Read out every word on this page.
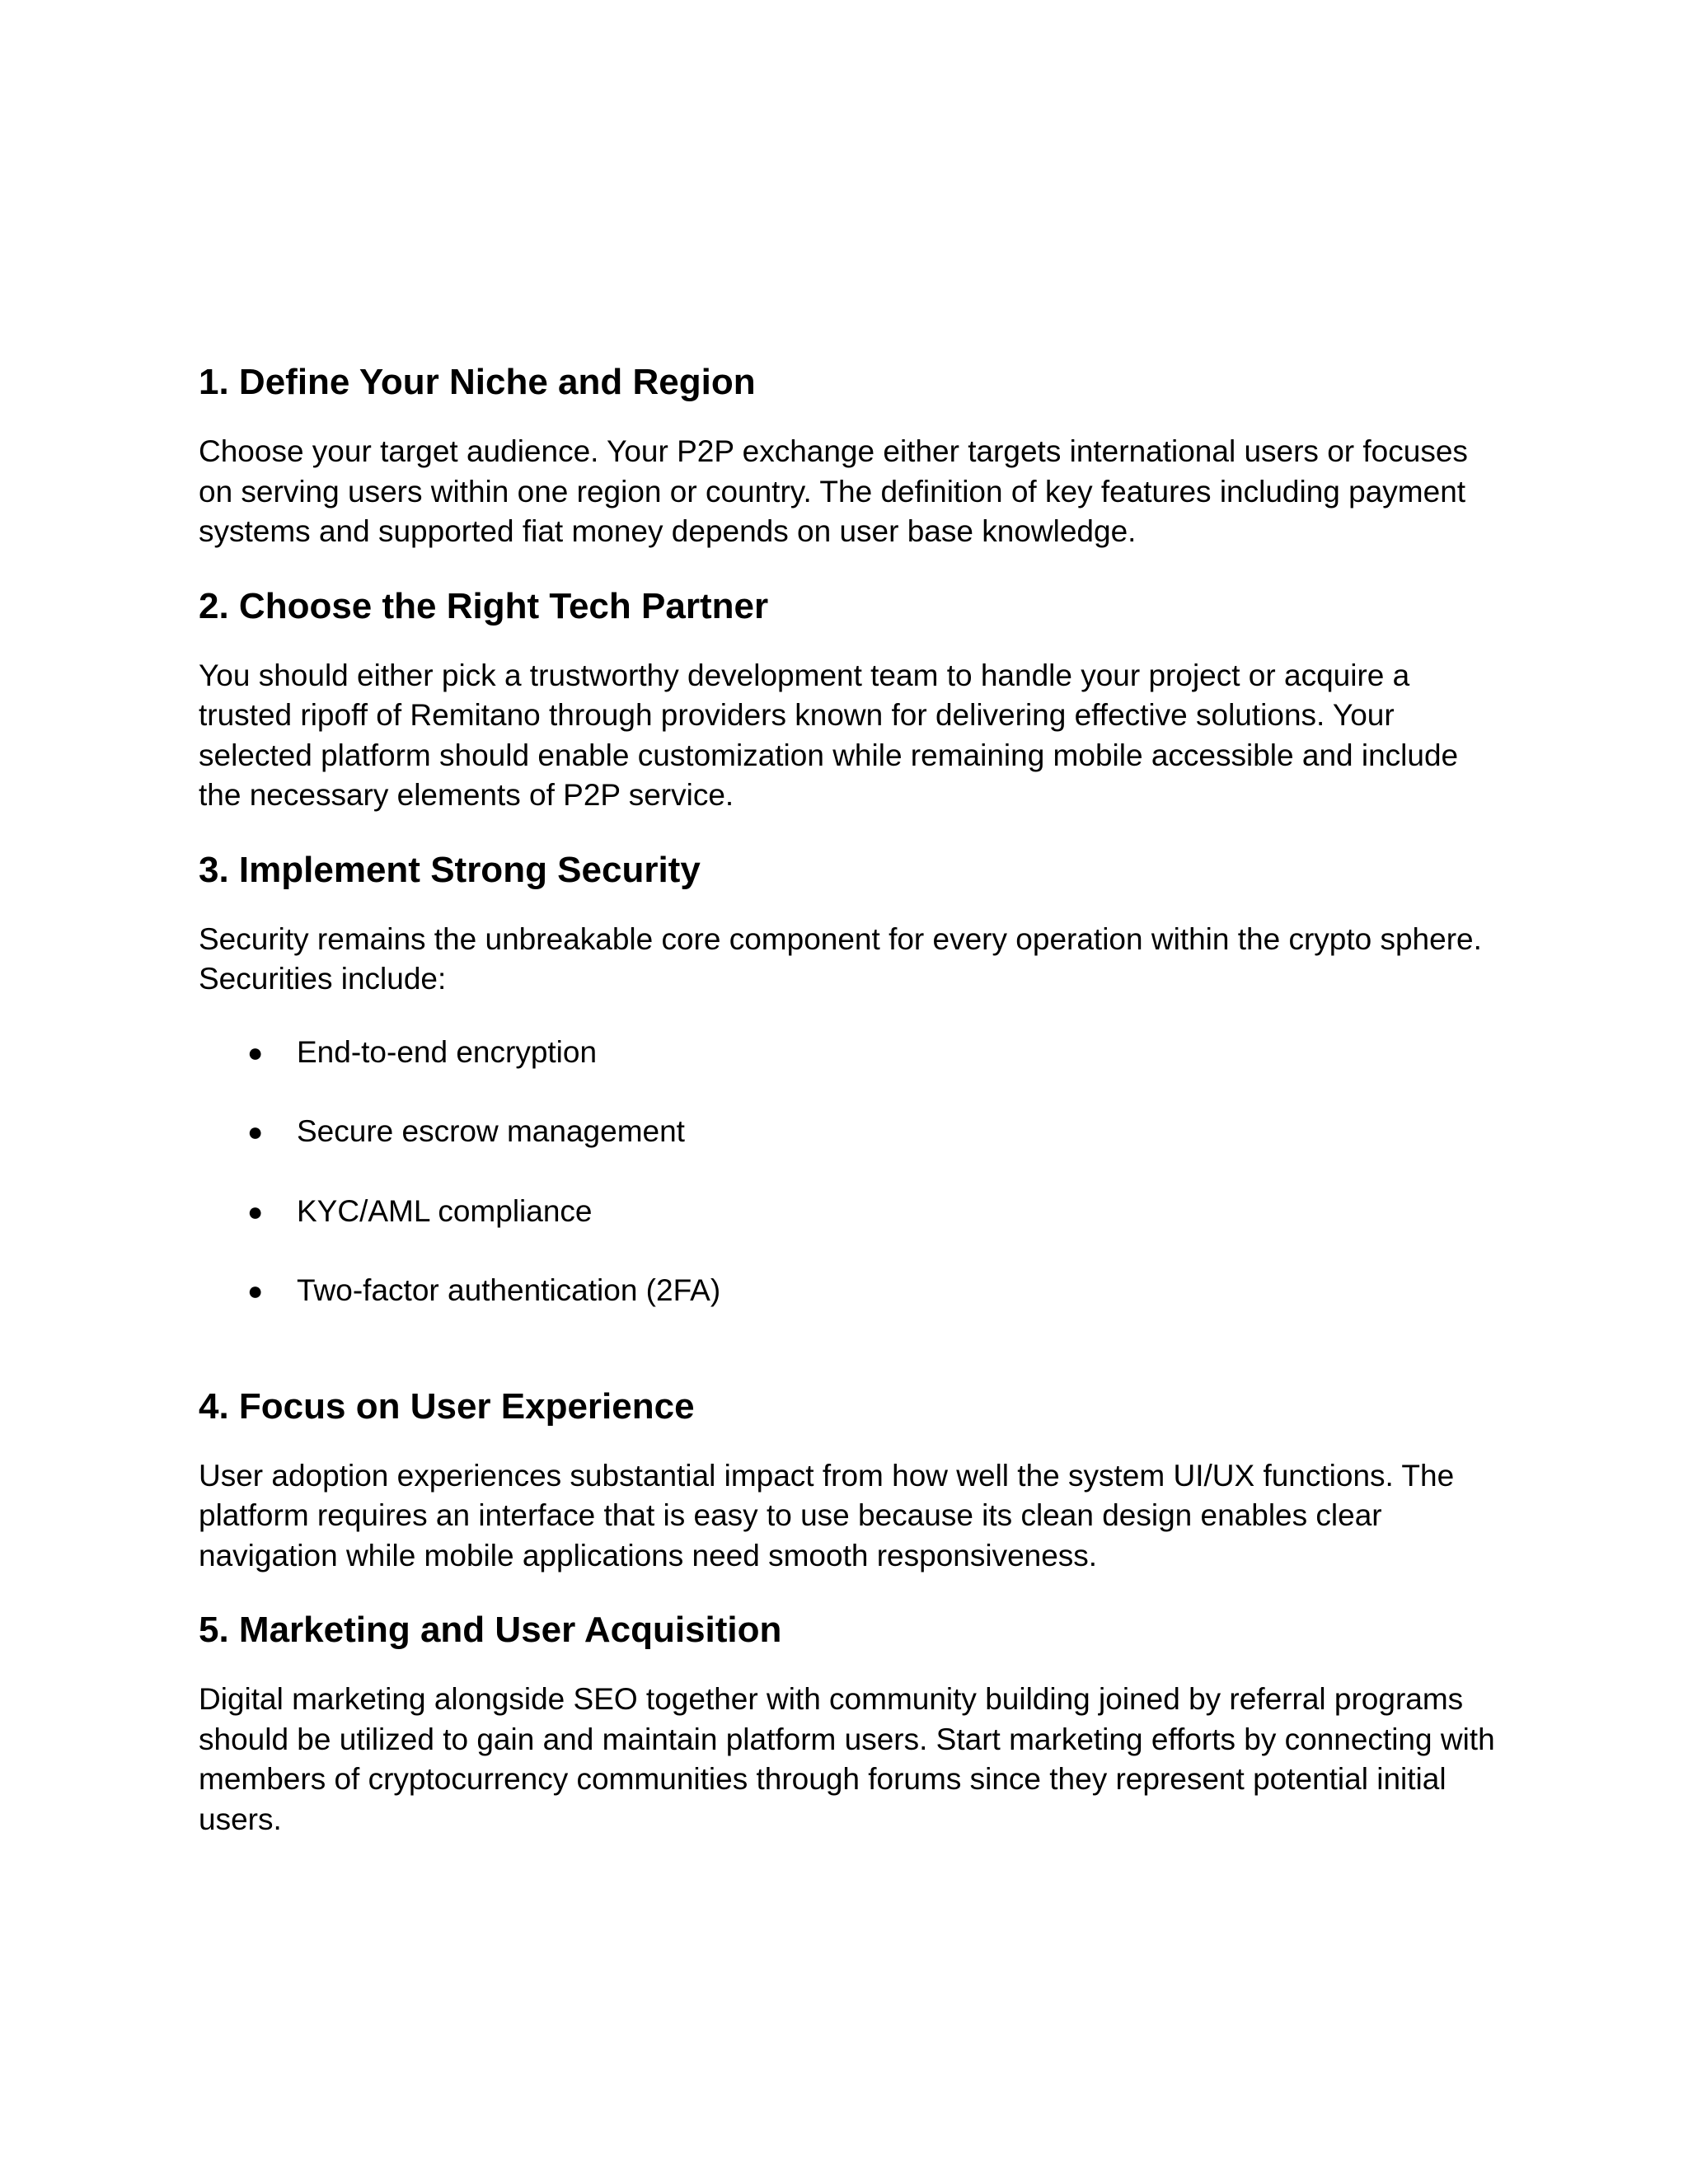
1. Define Your Niche and Region

Choose your target audience. Your P2P exchange either targets international users or focuses
on serving users within one region or country. The definition of key features including payment
systems and supported fiat money depends on user base knowledge.

2. Choose the Right Tech Partner

You should either pick a trustworthy development team to handle your project or acquire a
trusted ripoff of Remitano through providers known for delivering effective solutions. Your
selected platform should enable customization while remaining mobile accessible and include
the necessary elements of P2P service.

3. Implement Strong Security

Security remains the unbreakable core component for every operation within the crypto sphere.
Securities include:

● End-to-end encryption
● Secure escrow management
● KYC/AML compliance
● Two-factor authentication (2FA)
4. Focus on User Experience

User adoption experiences substantial impact from how well the system UI/UX functions. The
platform requires an interface that is easy to use because its clean design enables clear
navigation while mobile applications need smooth responsiveness.

5. Marketing and User Acquisition

Digital marketing alongside SEO together with community building joined by referral programs
should be utilized to gain and maintain platform users. Start marketing efforts by connecting with
members of cryptocurrency communities through forums since they represent potential initial
users.
